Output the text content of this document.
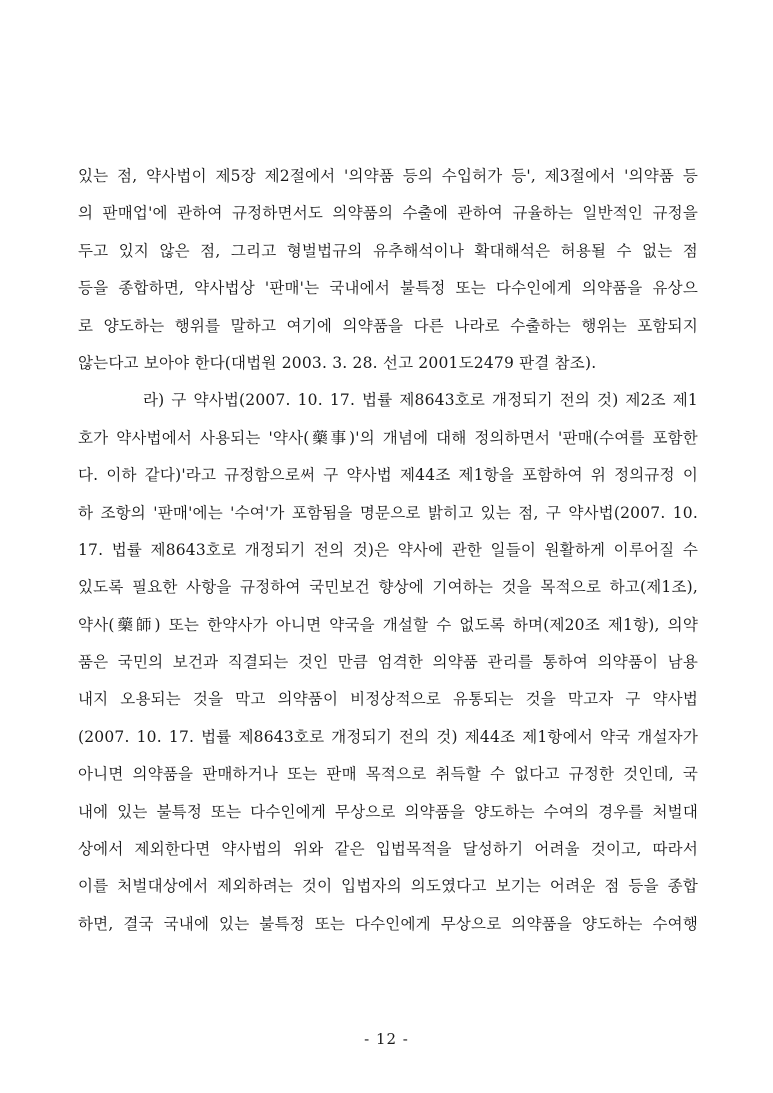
있는 점, 약사법이 제5장 제2절에서 '의약품 등의 수입허가 등', 제3절에서 '의약품 등
의 판매업'에 관하여 규정하면서도 의약품의 수출에 관하여 규율하는 일반적인 규정을
두고 있지 않은 점, 그리고 형벌법규의 유추해석이나 확대해석은 허용될 수 없는 점
등을 종합하면, 약사법상 '판매'는 국내에서 불특정 또는 다수인에게 의약품을 유상으
로 양도하는 행위를 말하고 여기에 의약품을 다른 나라로 수출하는 행위는 포함되지
않는다고 보아야 한다(대법원 2003. 3. 28. 선고 2001도2479 판결 참조).
라) 구 약사법(2007. 10. 17. 법률 제8643호로 개정되기 전의 것) 제2조 제1
호가 약사법에서 사용되는 '약사(藥事)'의 개념에 대해 정의하면서 '판매(수여를 포함한
다. 이하 같다)'라고 규정함으로써 구 약사법 제44조 제1항을 포함하여 위 정의규정 이
하 조항의 '판매'에는 '수여'가 포함됨을 명문으로 밝히고 있는 점, 구 약사법(2007. 10.
17. 법률 제8643호로 개정되기 전의 것)은 약사에 관한 일들이 원활하게 이루어질 수
있도록 필요한 사항을 규정하여 국민보건 향상에 기여하는 것을 목적으로 하고(제1조),
약사(藥師) 또는 한약사가 아니면 약국을 개설할 수 없도록 하며(제20조 제1항), 의약
품은 국민의 보건과 직결되는 것인 만큼 엄격한 의약품 관리를 통하여 의약품이 남용
내지 오용되는 것을 막고 의약품이 비정상적으로 유통되는 것을 막고자 구 약사법
(2007. 10. 17. 법률 제8643호로 개정되기 전의 것) 제44조 제1항에서 약국 개설자가
아니면 의약품을 판매하거나 또는 판매 목적으로 취득할 수 없다고 규정한 것인데, 국
내에 있는 불특정 또는 다수인에게 무상으로 의약품을 양도하는 수여의 경우를 처벌대
상에서 제외한다면 약사법의 위와 같은 입법목적을 달성하기 어려울 것이고, 따라서
이를 처벌대상에서 제외하려는 것이 입법자의 의도였다고 보기는 어려운 점 등을 종합
하면, 결국 국내에 있는 불특정 또는 다수인에게 무상으로 의약품을 양도하는 수여행
- 12 -
